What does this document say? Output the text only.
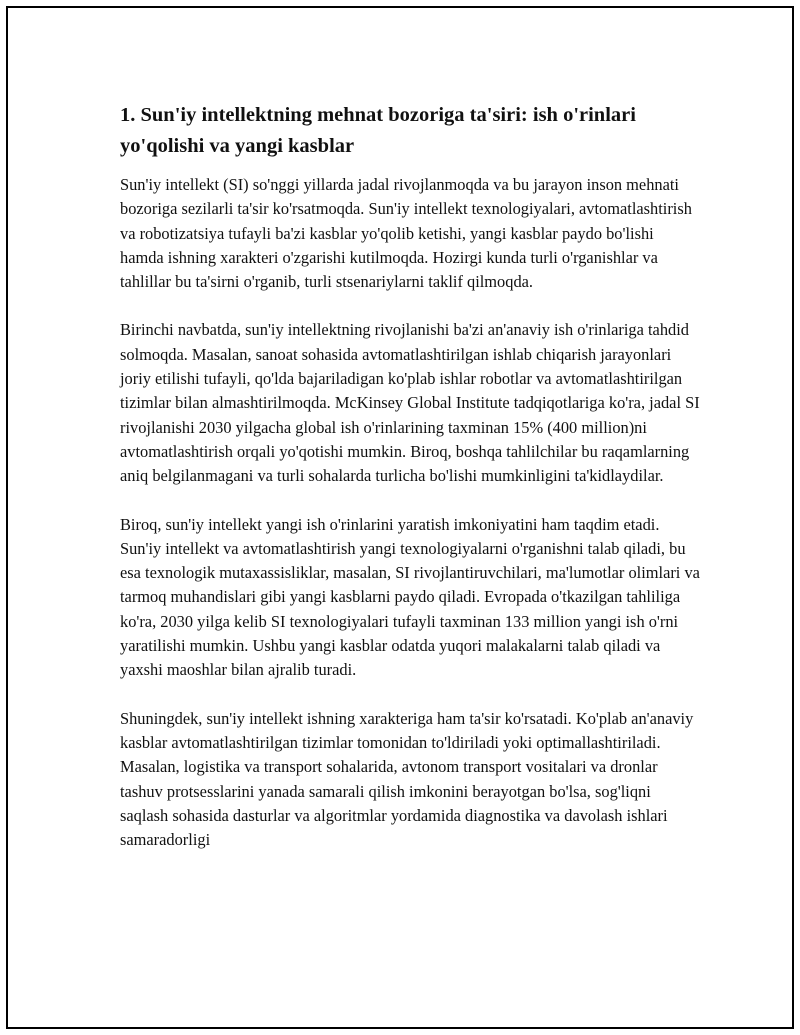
1. Sun'iy intellektning mehnat bozoriga ta'siri: ish o'rinlari yo'qolishi va yangi kasblar

Sun'iy intellekt (SI) so'nggi yillarda jadal rivojlanmoqda va bu jarayon inson mehnati bozoriga sezilarli ta'sir ko'rsatmoqda. Sun'iy intellekt texnologiyalari, avtomatlashtirish va robotizatsiya tufayli ba'zi kasblar yo'qolib ketishi, yangi kasblar paydo bo'lishi hamda ishning xarakteri o'zgarishi kutilmoqda. Hozirgi kunda turli o'rganishlar va tahlillar bu ta'sirni o'rganib, turli stsenariylarni taklif qilmoqda.

Birinchi navbatda, sun'iy intellektning rivojlanishi ba'zi an'anaviy ish o'rinlariga tahdid solmoqda. Masalan, sanoat sohasida avtomatlashtirilgan ishlab chiqarish jarayonlari joriy etilishi tufayli, qo'lda bajariladigan ko'plab ishlar robotlar va avtomatlashtirilgan tizimlar bilan almashtirilmoqda. McKinsey Global Institute tadqiqotlariga ko'ra, jadal SI rivojlanishi 2030 yilgacha global ish o'rinlarining taxminan 15% (400 million)ni avtomatlashtirish orqali yo'qotishi mumkin. Biroq, boshqa tahlilchilar bu raqamlarning aniq belgilanmagani va turli sohalarda turlicha bo'lishi mumkinligini ta'kidlaydilar.

Biroq, sun'iy intellekt yangi ish o'rinlarini yaratish imkoniyatini ham taqdim etadi. Sun'iy intellekt va avtomatlashtirish yangi texnologiyalarni o'rganishni talab qiladi, bu esa texnologik mutaxassisliklar, masalan, SI rivojlantiruvchilari, ma'lumotlar olimlari va tarmoq muhandislari gibi yangi kasblarni paydo qiladi. Evropada o'tkazilgan tahliliga ko'ra, 2030 yilga kelib SI texnologiyalari tufayli taxminan 133 million yangi ish o'rni yaratilishi mumkin. Ushbu yangi kasblar odatda yuqori malakalarni talab qiladi va yaxshi maoshlar bilan ajralib turadi.

Shuningdek, sun'iy intellekt ishning xarakteriga ham ta'sir ko'rsatadi. Ko'plab an'anaviy kasblar avtomatlashtirilgan tizimlar tomonidan to'ldiriladi yoki optimallashtiriladi. Masalan, logistika va transport sohalarida, avtonom transport vositalari va dronlar tashuv protsesslarini yanada samarali qilish imkonini berayotgan bo'lsa, sog'liqni saqlash sohasida dasturlar va algoritmlar yordamida diagnostika va davolash ishlari samaradorligi
